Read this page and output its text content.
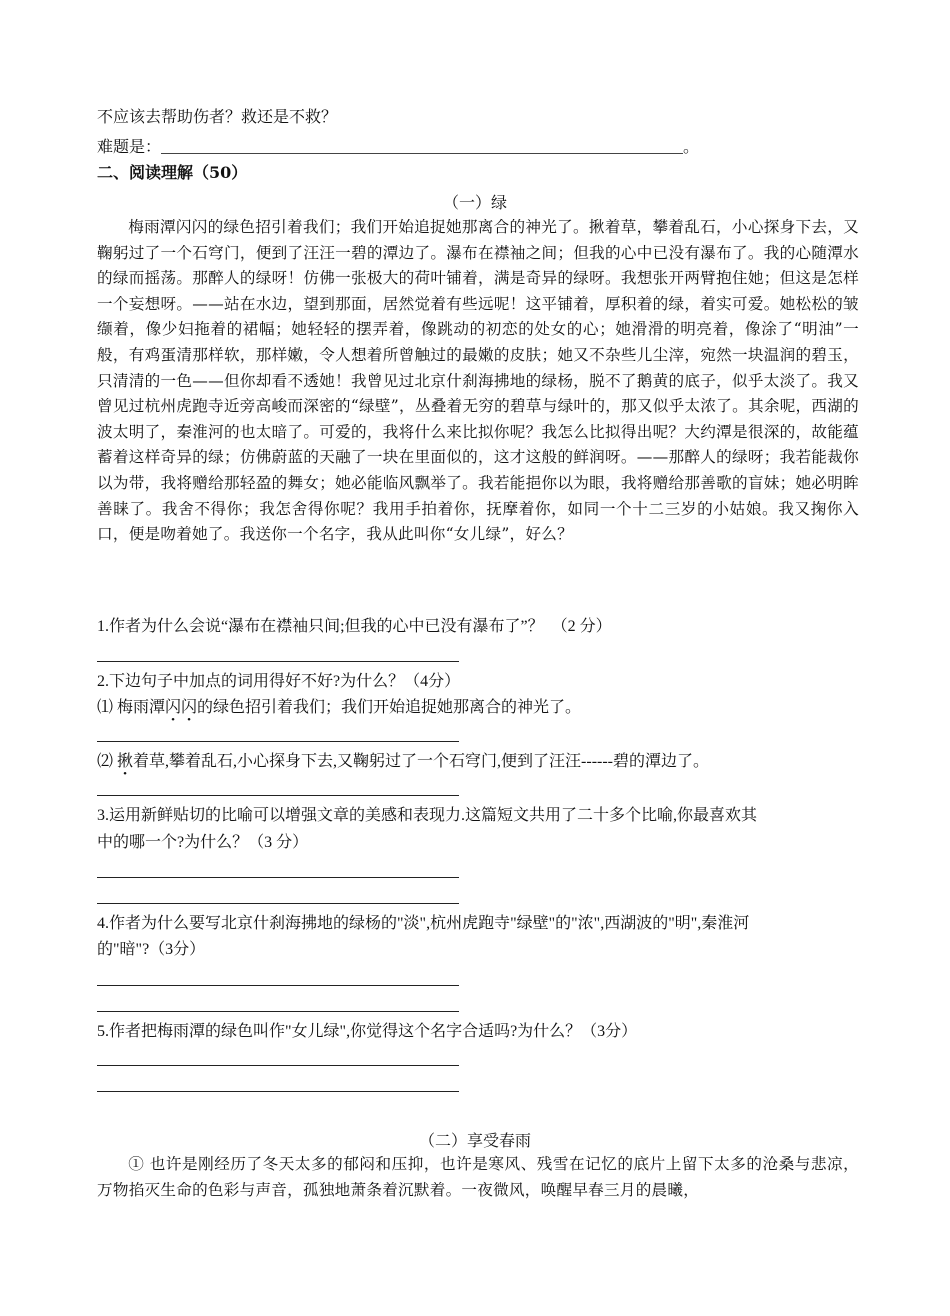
不应该去帮助伤者？救还是不救？
难题是：	。
二、阅读理解（50）
（一）绿

梅雨潭闪闪的绿色招引着我们；我们开始追捉她那离合的神光了。揪着草，攀着乱石，小心探身下去，又鞠躬过了一个石穹门，便到了汪汪一碧的潭边了。瀑布在襟袖之间；但我的心中已没有瀑布了。我的心随潭水的绿而摇荡。那醉人的绿呀！仿佛一张极大的荷叶铺着，满是奇异的绿呀。我想张开两臂抱住她；但这是怎样一个妄想呀。——站在水边，望到那面，居然觉着有些远呢！这平铺着，厚积着的绿，着实可爱。她松松的皱缬着，像少妇拖着的裙幅；她轻轻的摆弄着，像跳动的初恋的处女的心；她滑滑的明亮着，像涂了“明油”一般，有鸡蛋清那样软，那样嫩，令人想着所曾触过的最嫩的皮肤；她又不杂些儿尘滓，宛然一块温润的碧玉，只清清的一色——但你却看不透她！我曾见过北京什刹海拂地的绿杨，脱不了鹅黄的底子，似乎太淡了。我又曾见过杭州虎跑寺近旁高峻而深密的“绿壁”，丛叠着无穷的碧草与绿叶的，那又似乎太浓了。其余呢，西湖的波太明了，秦淮河的也太暗了。可爱的，我将什么来比拟你呢？我怎么比拟得出呢？大约潭是很深的，故能蕴蓄着这样奇异的绿；仿佛蔚蓝的天融了一块在里面似的，这才这般的鲜润呀。——那醉人的绿呀；我若能裁你以为带，我将赠给那轻盈的舞女；她必能临风飘举了。我若能挹你以为眼，我将赠给那善歌的盲妹；她必明眸善睐了。我舍不得你；我怎舍得你呢？我用手拍着你，抚摩着你，如同一个十二三岁的小姑娘。我又掬你入口，便是吻着她了。我送你一个名字，我从此叫你“女儿绿”，好么？

1.作者为什么会说“瀑布在襟袖只间;但我的心中已没有瀑布了”？　（2 分）
2.下边句子中加点的词用得好不好?为什么？（4分）
⑴ 梅雨潭闪闪的绿色招引着我们；我们开始追捉她那离合的神光了。
⑵ 揪着草,攀着乱石,小心探身下去,又鞠躬过了一个石穹门,便到了汪汪------碧的潭边了。
3.运用新鲜贴切的比喻可以增强文章的美感和表现力.这篇短文共用了二十多个比喻,你最喜欢其
中的哪一个?为什么？（3 分）
4.作者为什么要写北京什刹海拂地的绿杨的"淡",杭州虎跑寺"绿壁"的"浓",西湖波的"明",秦淮河
的"暗"?（3分）
5.作者把梅雨潭的绿色叫作"女儿绿",你觉得这个名字合适吗?为什么？（3分）
（二）享受春雨

① 也许是刚经历了冬天太多的郁闷和压抑，也许是寒风、残雪在记忆的底片上留下太多的沧桑与悲凉，万物掐灭生命的色彩与声音，孤独地萧条着沉默着。一夜微风，唤醒早春三月的晨曦，
